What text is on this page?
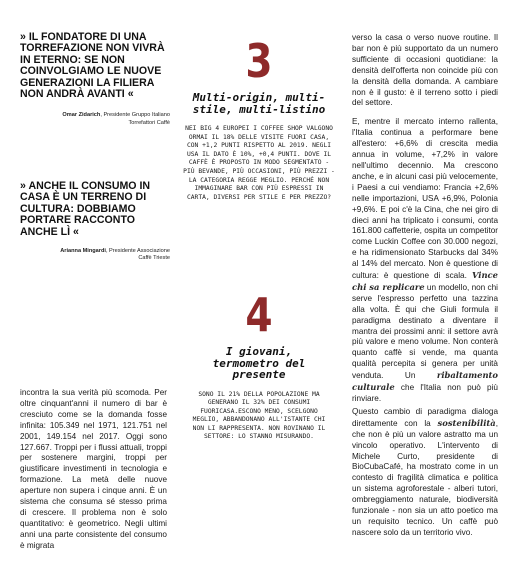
» IL FONDATORE DI UNA TORREFAZIONE NON VIVRÀ IN ETERNO: SE NON COINVOLGIAMO LE NUOVE GENERAZIONI LA FILIERA NON ANDRÀ AVANTI «
Omar Zidarich, Presidente Gruppo Italiano
Torrefattori Caffè
» ANCHE IL CONSUMO IN CASA È UN TERRENO DI CULTURA: DOBBIAMO PORTARE RACCONTO ANCHE LÌ «
Arianna Mingardi, Presidente Associazione
Caffè Trieste
3
Multi-origin, multi-stile, multi-listino
NEI BIG 4 EUROPEI I COFFEE SHOP VALGONO ORMAI IL 18% DELLE VISITE FUORI CASA, CON +1,2 PUNTI RISPETTO AL 2019. NEGLI USA IL DATO È 10%, +0,4 PUNTI. DOVE IL CAFFÈ È PROPOSTO IN MODO SEGMENTATO - PIÙ BEVANDE, PIÙ OCCASIONI, PIÙ PREZZI - LA CATEGORIA REGGE MEGLIO. PERCHÉ NON IMMAGINARE BAR CON PIÙ ESPRESSI IN CARTA, DIVERSI PER STILE E PER PREZZO?
4
I giovani, termometro del presente
SONO IL 21% DELLA POPOLAZIONE MA GENERANO IL 32% DEI CONSUMI FUORICASA.ESCONO MENO, SCELGONO MEGLIO, ABBANDONANO ALL'ISTANTE CHI NON LI RAPPRESENTA. NON ROVINANO IL SETTORE: LO STANNO MISURANDO.

incontra la sua verità più scomoda. Per oltre cinquant'anni il numero di bar è cresciuto come se la domanda fosse infinita: 105.349 nel 1971, 121.751 nel 2001, 149.154 nel 2017. Oggi sono 127.667. Troppi per i flussi attuali, troppi per sostenere margini, troppi per giustificare investimenti in tecnologia e formazione. La metà delle nuove aperture non supera i cinque anni. È un sistema che consuma sé stesso prima di crescere. Il problema non è solo quantitativo: è geometrico. Negli ultimi anni una parte consistente del consumo è migrata

verso la casa o verso nuove routine. Il bar non è più supportato da un numero sufficiente di occasioni quotidiane: la densità dell'offerta non coincide più con la densità della domanda. A cambiare non è il gusto: è il terreno sotto i piedi del settore.

E, mentre il mercato interno rallenta, l'Italia continua a performare bene all'estero: +6,6% di crescita media annua in volume, +7,2% in valore nell'ultimo decennio. Ma crescono anche, e in alcuni casi più velocemente, i Paesi a cui vendiamo: Francia +2,6% nelle importazioni, USA +6,9%, Polonia +9,6%. E poi c'è la Cina, che nei giro di dieci anni ha triplicato i consumi, conta 161.800 caffetterie, ospita un competitor come Luckin Coffee con 30.000 negozi, e ha ridimensionato Starbucks dal 34% al 14% del mercato. Non è questione di cultura: è questione di scala. Vince chi sa replicare un modello, non chi serve l'espresso perfetto una tazzina alla volta. È qui che Giuli formula il paradigma destinato a diventare il mantra dei prossimi anni: il settore avrà più valore e meno volume. Non conterà quanto caffè si vende, ma quanta qualità percepita si genera per unità venduta. Un	ribaltamento culturale che l'Italia non può più rinviare.

Questo cambio di paradigma dialoga direttamente con la sostenibilità, che non è più un valore astratto ma un vincolo operativo. L'intervento di Michele Curto, presidente di BioCubaCafé, ha mostrato come in un contesto di fragilità climatica e politica un sistema agroforestale - alberi tutori, ombreggiamento naturale, biodiversità funzionale - non sia un atto poetico ma un requisito tecnico. Un caffè può nascere solo da un territorio vivo.
